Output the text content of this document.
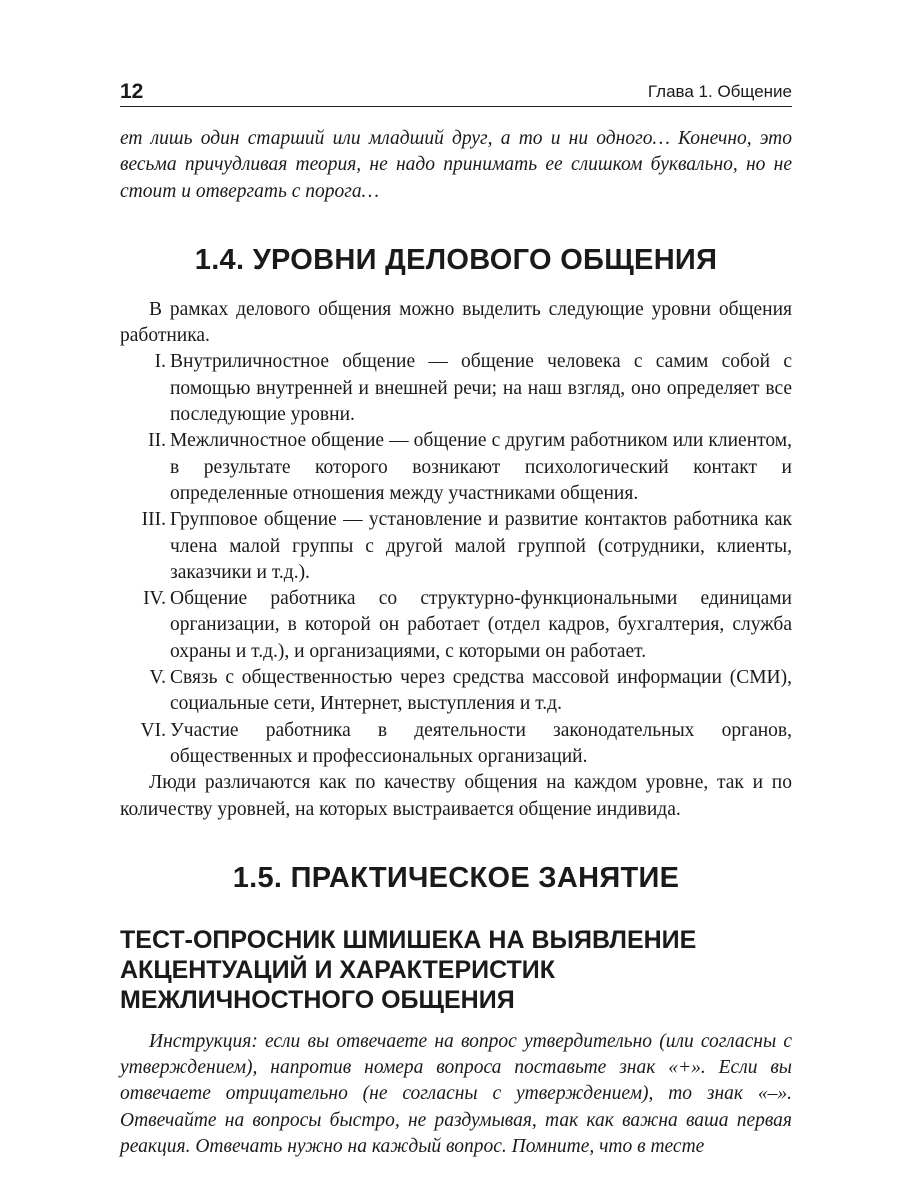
12	Глава 1. Общение

ет лишь один старший или младший друг, а то и ни одного… Конечно, это весьма причудливая теория, не надо принимать ее слишком буквально, но не стоит и отвергать с порога…

1.4. УРОВНИ ДЕЛОВОГО ОБЩЕНИЯ

В рамках делового общения можно выделить следующие уровни общения работника.

I. Внутриличностное общение — общение человека с самим собой с помощью внутренней и внешней речи; на наш взгляд, оно определяет все последующие уровни.
II. Межличностное общение — общение с другим работником или клиентом, в результате которого возникают психологический контакт и определенные отношения между участниками общения.
III. Групповое общение — установление и развитие контактов работника как члена малой группы с другой малой группой (сотрудники, клиенты, заказчики и т.д.).
IV. Общение работника со структурно-функциональными единицами организации, в которой он работает (отдел кадров, бухгалтерия, служба охраны и т.д.), и организациями, с которыми он работает.
V. Связь с общественностью через средства массовой информации (СМИ), социальные сети, Интернет, выступления и т.д.
VI. Участие работника в деятельности законодательных органов, общественных и профессиональных организаций.

Люди различаются как по качеству общения на каждом уровне, так и по количеству уровней, на которых выстраивается общение индивида.

1.5. ПРАКТИЧЕСКОЕ ЗАНЯТИЕ
ТЕСТ-ОПРОСНИК ШМИШЕКА НА ВЫЯВЛЕНИЕ АКЦЕНТУАЦИЙ И ХАРАКТЕРИСТИК МЕЖЛИЧНОСТНОГО ОБЩЕНИЯ

Инструкция: если вы отвечаете на вопрос утвердительно (или согласны с утверждением), напротив номера вопроса поставьте знак «+». Если вы отвечаете отрицательно (не согласны с утверждением), то знак «–». Отвечайте на вопросы быстро, не раздумывая, так как важна ваша первая реакция. Отвечать нужно на каждый вопрос. Помните, что в тесте
